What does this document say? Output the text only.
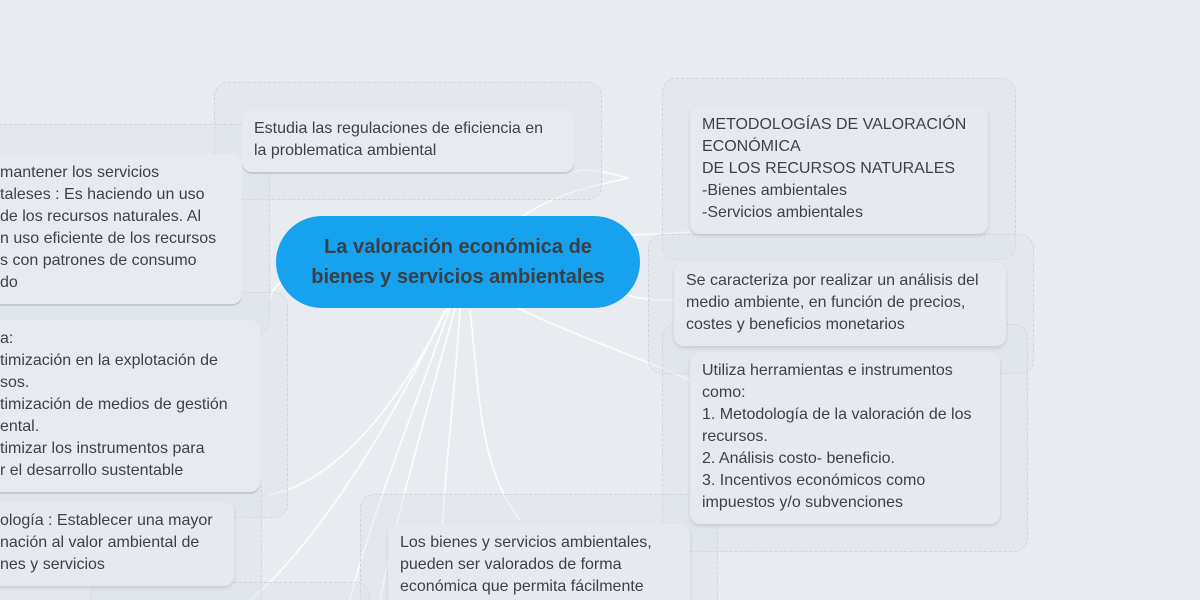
La valoración económica de
bienes y servicios ambientales
Estudia las regulaciones de eficiencia en
la problematica ambiental
METODOLOGÍAS DE VALORACIÓN
ECONÓMICA
DE LOS RECURSOS NATURALES
-Bienes ambientales
-Servicios ambientales
Se caracteriza por realizar un análisis del
medio ambiente, en función de precios,
costes y beneficios monetarios
Utiliza herramientas e instrumentos
como:
1. Metodología de la valoración de los
recursos.
2. Análisis costo- beneficio.
3. Incentivos económicos como
impuestos y/o subvenciones
Los bienes y servicios ambientales,
pueden ser valorados de forma
económica que permita fácilmente
mantener los servicios
taleses : Es haciendo un uso
de los recursos naturales. Al
n uso eficiente de los recursos
s con patrones de consumo
do
a:
timización en la explotación de
sos.
timización de medios de gestión
ental.
timizar los instrumentos para
r el desarrollo sustentable
ología : Establecer una mayor
nación al valor ambiental de
nes y servicios
